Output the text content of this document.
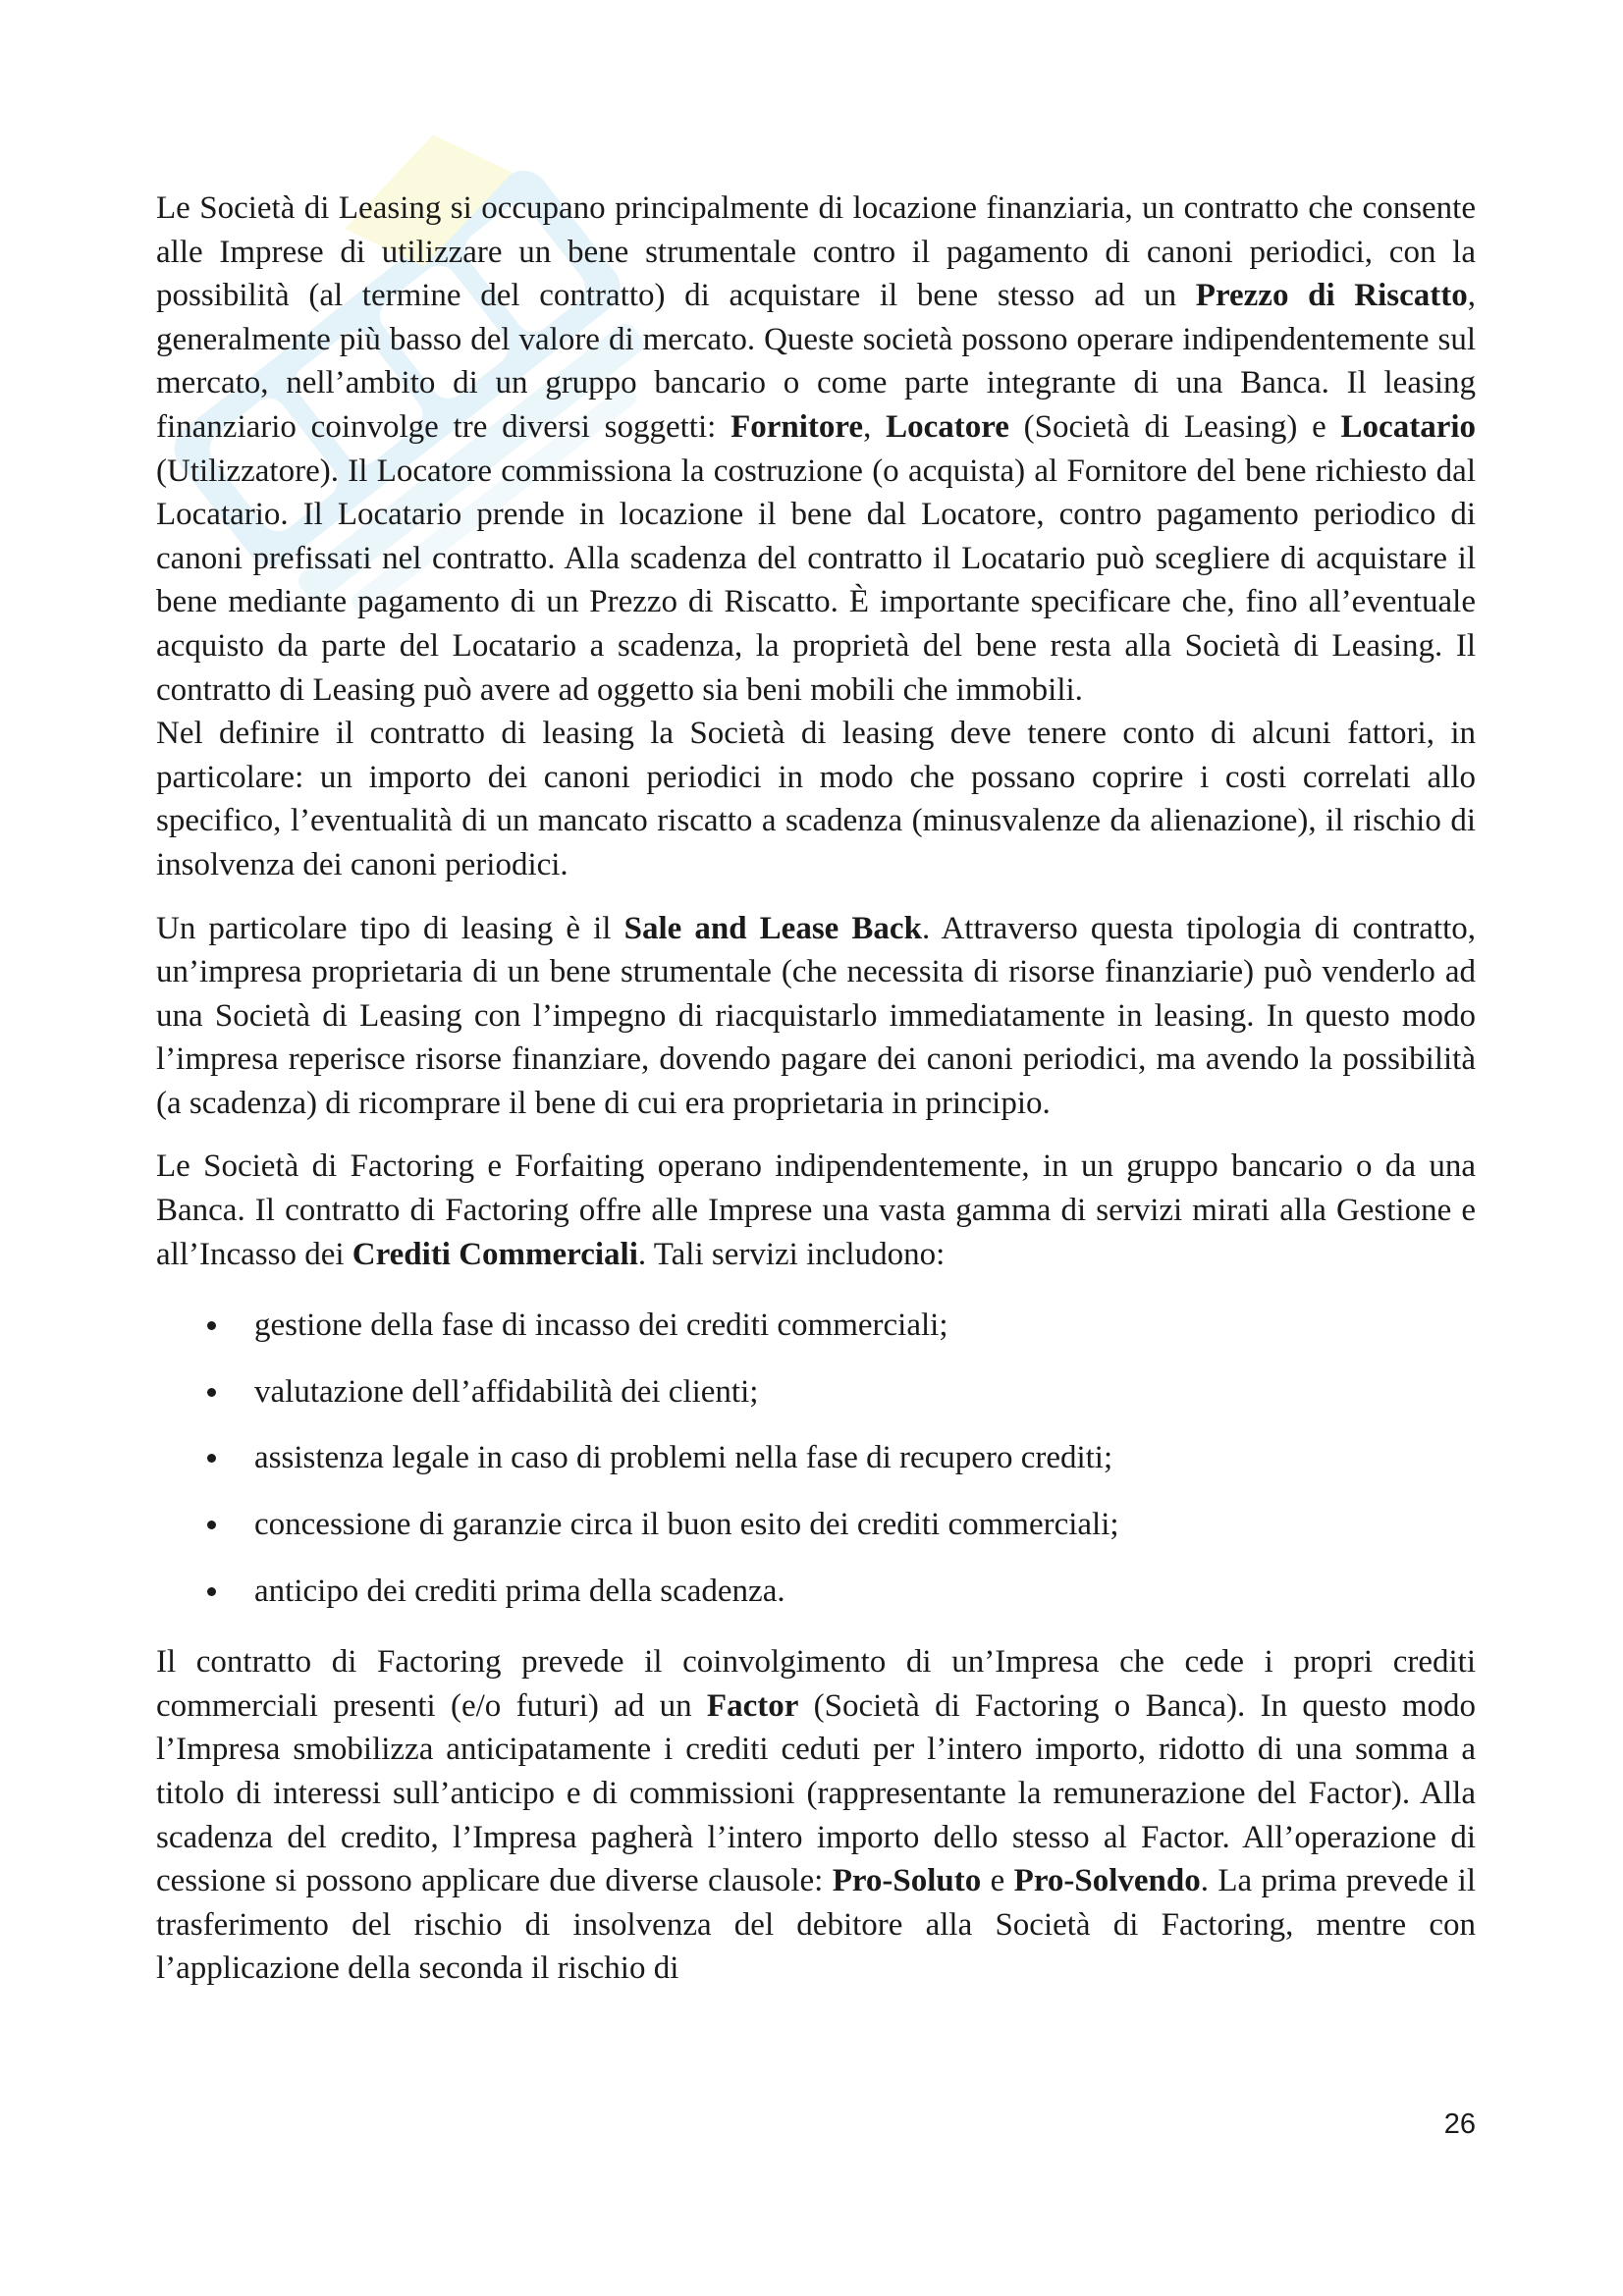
Le Società di Leasing si occupano principalmente di locazione finanziaria, un contratto che consente alle Imprese di utilizzare un bene strumentale contro il pagamento di canoni periodici, con la possibilità (al termine del contratto) di acquistare il bene stesso ad un Prezzo di Riscatto, generalmente più basso del valore di mercato. Queste società possono operare indipendentemente sul mercato, nell’ambito di un gruppo bancario o come parte integrante di una Banca. Il leasing finanziario coinvolge tre diversi soggetti: Fornitore, Locatore (Società di Leasing) e Locatario (Utilizzatore). Il Locatore commissiona la costruzione (o acquista) al Fornitore del bene richiesto dal Locatario. Il Locatario prende in locazione il bene dal Locatore, contro pagamento periodico di canoni prefissati nel contratto. Alla scadenza del contratto il Locatario può scegliere di acquistare il bene mediante pagamento di un Prezzo di Riscatto. È importante specificare che, fino all’eventuale acquisto da parte del Locatario a scadenza, la proprietà del bene resta alla Società di Leasing. Il contratto di Leasing può avere ad oggetto sia beni mobili che immobili.

Nel definire il contratto di leasing la Società di leasing deve tenere conto di alcuni fattori, in particolare: un importo dei canoni periodici in modo che possano coprire i costi correlati allo specifico, l’eventualità di un mancato riscatto a scadenza (minusvalenze da alienazione), il rischio di insolvenza dei canoni periodici.

Un particolare tipo di leasing è il Sale and Lease Back. Attraverso questa tipologia di contratto, un’impresa proprietaria di un bene strumentale (che necessita di risorse finanziarie) può venderlo ad una Società di Leasing con l’impegno di riacquistarlo immediatamente in leasing. In questo modo l’impresa reperisce risorse finanziare, dovendo pagare dei canoni periodici, ma avendo la possibilità (a scadenza) di ricomprare il bene di cui era proprietaria in principio.

Le Società di Factoring e Forfaiting operano indipendentemente, in un gruppo bancario o da una Banca. Il contratto di Factoring offre alle Imprese una vasta gamma di servizi mirati alla Gestione e all’Incasso dei Crediti Commerciali. Tali servizi includono:

gestione della fase di incasso dei crediti commerciali;
valutazione dell’affidabilità dei clienti;
assistenza legale in caso di problemi nella fase di recupero crediti;
concessione di garanzie circa il buon esito dei crediti commerciali;
anticipo dei crediti prima della scadenza.

Il contratto di Factoring prevede il coinvolgimento di un’Impresa che cede i propri crediti commerciali presenti (e/o futuri) ad un Factor (Società di Factoring o Banca). In questo modo l’Impresa smobilizza anticipatamente i crediti ceduti per l’intero importo, ridotto di una somma a titolo di interessi sull’anticipo e di commissioni (rappresentante la remunerazione del Factor). Alla scadenza del credito, l’Impresa pagherà l’intero importo dello stesso al Factor. All’operazione di cessione si possono applicare due diverse clausole: Pro-Soluto e Pro-Solvendo. La prima prevede il trasferimento del rischio di insolvenza del debitore alla Società di Factoring, mentre con l’applicazione della seconda il rischio di

26
